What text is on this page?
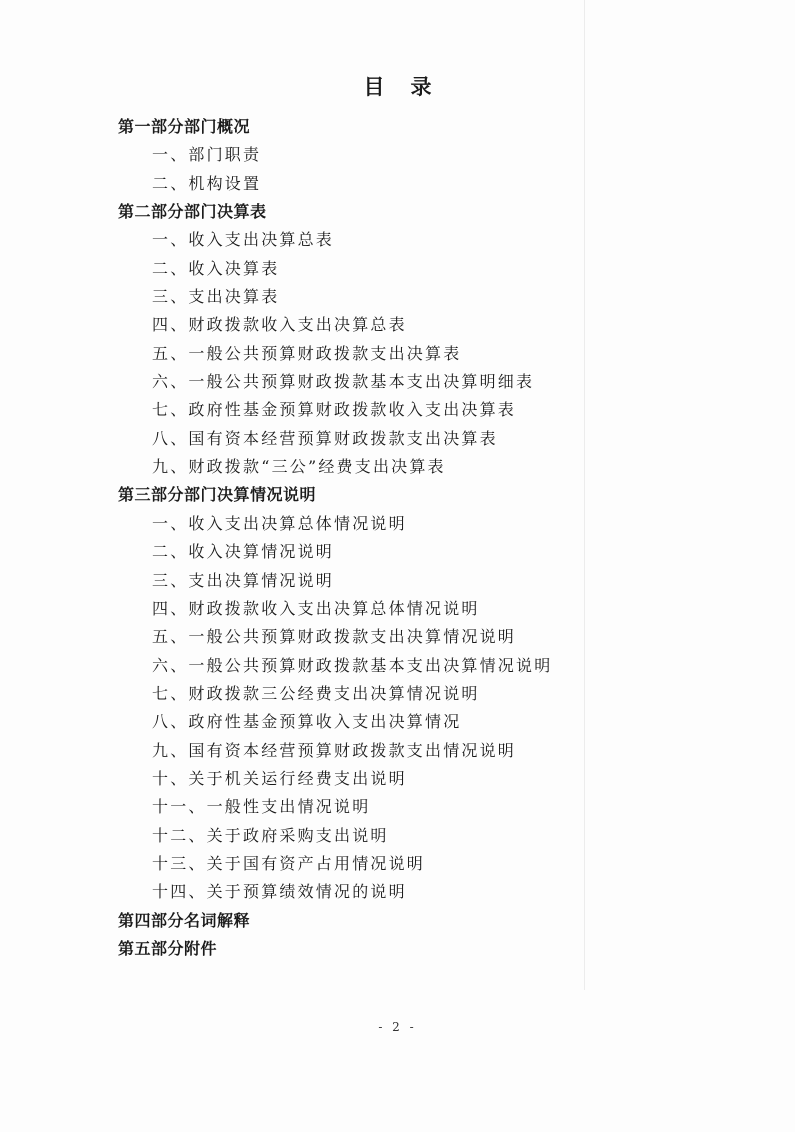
目录
第一部分部门概况
一、部门职责
二、机构设置
第二部分部门决算表
一、收入支出决算总表
二、收入决算表
三、支出决算表
四、财政拨款收入支出决算总表
五、一般公共预算财政拨款支出决算表
六、一般公共预算财政拨款基本支出决算明细表
七、政府性基金预算财政拨款收入支出决算表
八、国有资本经营预算财政拨款支出决算表
九、财政拨款“三公”经费支出决算表
第三部分部门决算情况说明
一、收入支出决算总体情况说明
二、收入决算情况说明
三、支出决算情况说明
四、财政拨款收入支出决算总体情况说明
五、一般公共预算财政拨款支出决算情况说明
六、一般公共预算财政拨款基本支出决算情况说明
七、财政拨款三公经费支出决算情况说明
八、政府性基金预算收入支出决算情况
九、国有资本经营预算财政拨款支出情况说明
十、关于机关运行经费支出说明
十一、一般性支出情况说明
十二、关于政府采购支出说明
十三、关于国有资产占用情况说明
十四、关于预算绩效情况的说明
第四部分名词解释
第五部分附件
- 2 -
